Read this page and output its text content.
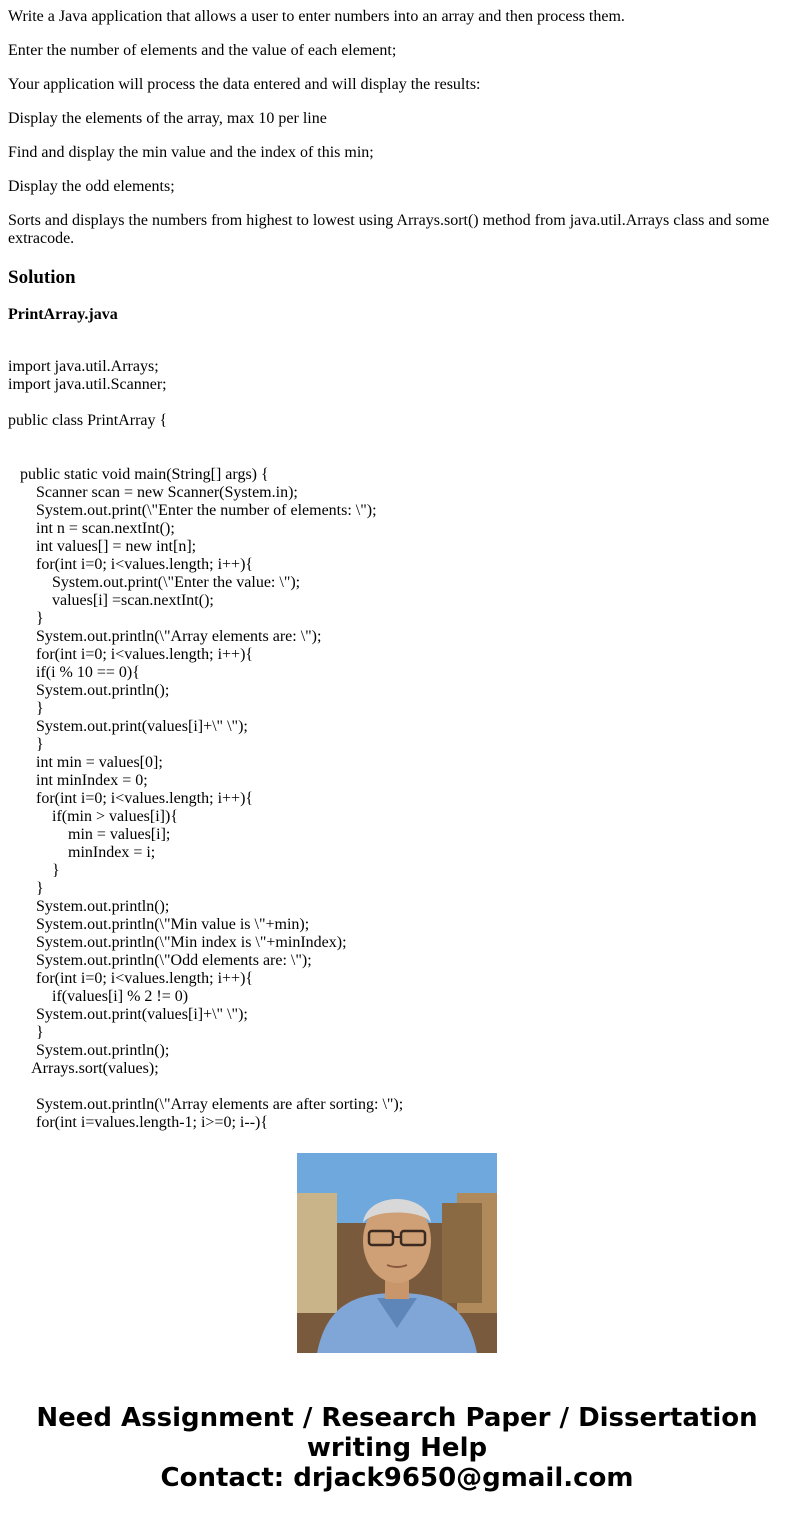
Write a Java application that allows a user to enter numbers into an array and then process them.

Enter the number of elements and the value of each element;

Your application will process the data entered and will display the results:

Display the elements of the array, max 10 per line

Find and display the min value and the index of this min;

Display the odd elements;

Sorts and displays the numbers from highest to lowest using Arrays.sort() method from java.util.Arrays class and some extracode.

Solution
PrintArray.java
import java.util.Arrays;
import java.util.Scanner;

public class PrintArray {

public static void main(String[] args) {
Scanner scan = new Scanner(System.in);
System.out.print(\"Enter the number of elements: \");
int n = scan.nextInt();
int values[] = new int[n];
for(int i=0; i<values.length; i++){
System.out.print(\"Enter the value: \");
values[i] =scan.nextInt();
}
System.out.println(\"Array elements are: \");
for(int i=0; i<values.length; i++){
if(i % 10 == 0){
System.out.println();
}
System.out.print(values[i]+\" \");
}
int min = values[0];
int minIndex = 0;
for(int i=0; i<values.length; i++){
if(min > values[i]){
min = values[i];
minIndex = i;
}
}
System.out.println();
System.out.println(\"Min value is \"+min);
System.out.println(\"Min index is \"+minIndex);
System.out.println(\"Odd elements are: \");
for(int i=0; i<values.length; i++){
if(values[i] % 2 != 0)
System.out.print(values[i]+\" \");
}
System.out.println();
Arrays.sort(values);

System.out.println(\"Array elements are after sorting: \");
for(int i=values.length-1; i>=0; i--){
Need Assignment / Research Paper / Dissertation
writing Help
Contact: drjack9650@gmail.com
